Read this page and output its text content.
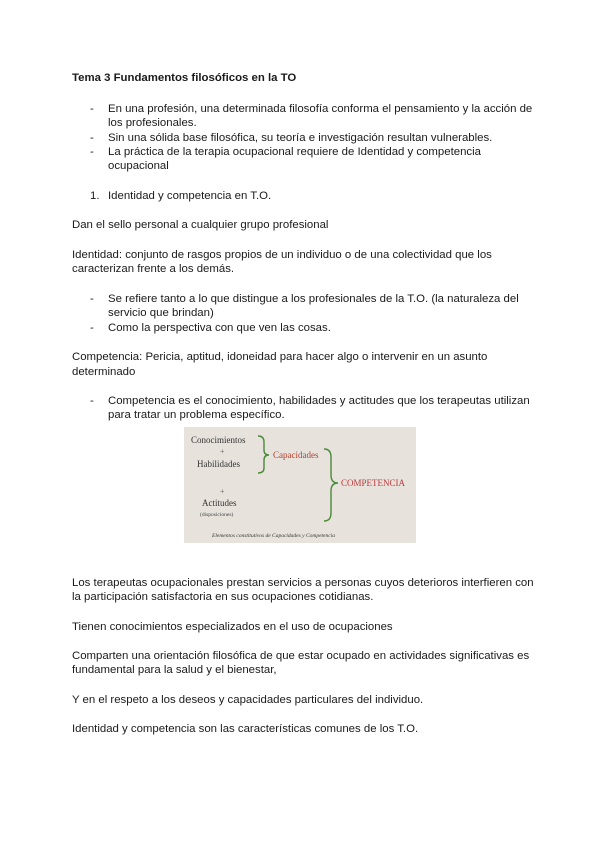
Tema 3 Fundamentos filosóficos en la TO
- En una profesión, una determinada filosofía conforma el pensamiento y la acción de
los profesionales.
- Sin una sólida base filosófica, su teoría e investigación resultan vulnerables.
- La práctica de la terapia ocupacional requiere de Identidad y competencia
ocupacional
1. Identidad y competencia en T.O.
Dan el sello personal a cualquier grupo profesional
Identidad: conjunto de rasgos propios de un individuo o de una colectividad que los
caracterizan frente a los demás.
- Se refiere tanto a lo que distingue a los profesionales de la T.O. (la naturaleza del
servicio que brindan)
- Como la perspectiva con que ven las cosas.
Competencia: Pericia, aptitud, idoneidad para hacer algo o intervenir en un asunto
determinado
- Competencia es el conocimiento, habilidades y actitudes que los terapeutas utilizan
para tratar un problema específico.
Conocimientos
+
Habilidades
Capacidades
+
Actitudes
(disposiciones)
COMPETENCIA
Elementos constitutivos de Capacidades y Competencia
Los terapeutas ocupacionales prestan servicios a personas cuyos deterioros interfieren con
la participación satisfactoria en sus ocupaciones cotidianas.
Tienen conocimientos especializados en el uso de ocupaciones
Comparten una orientación filosófica de que estar ocupado en actividades significativas es
fundamental para la salud y el bienestar,
Y en el respeto a los deseos y capacidades particulares del individuo.
Identidad y competencia son las características comunes de los T.O.
